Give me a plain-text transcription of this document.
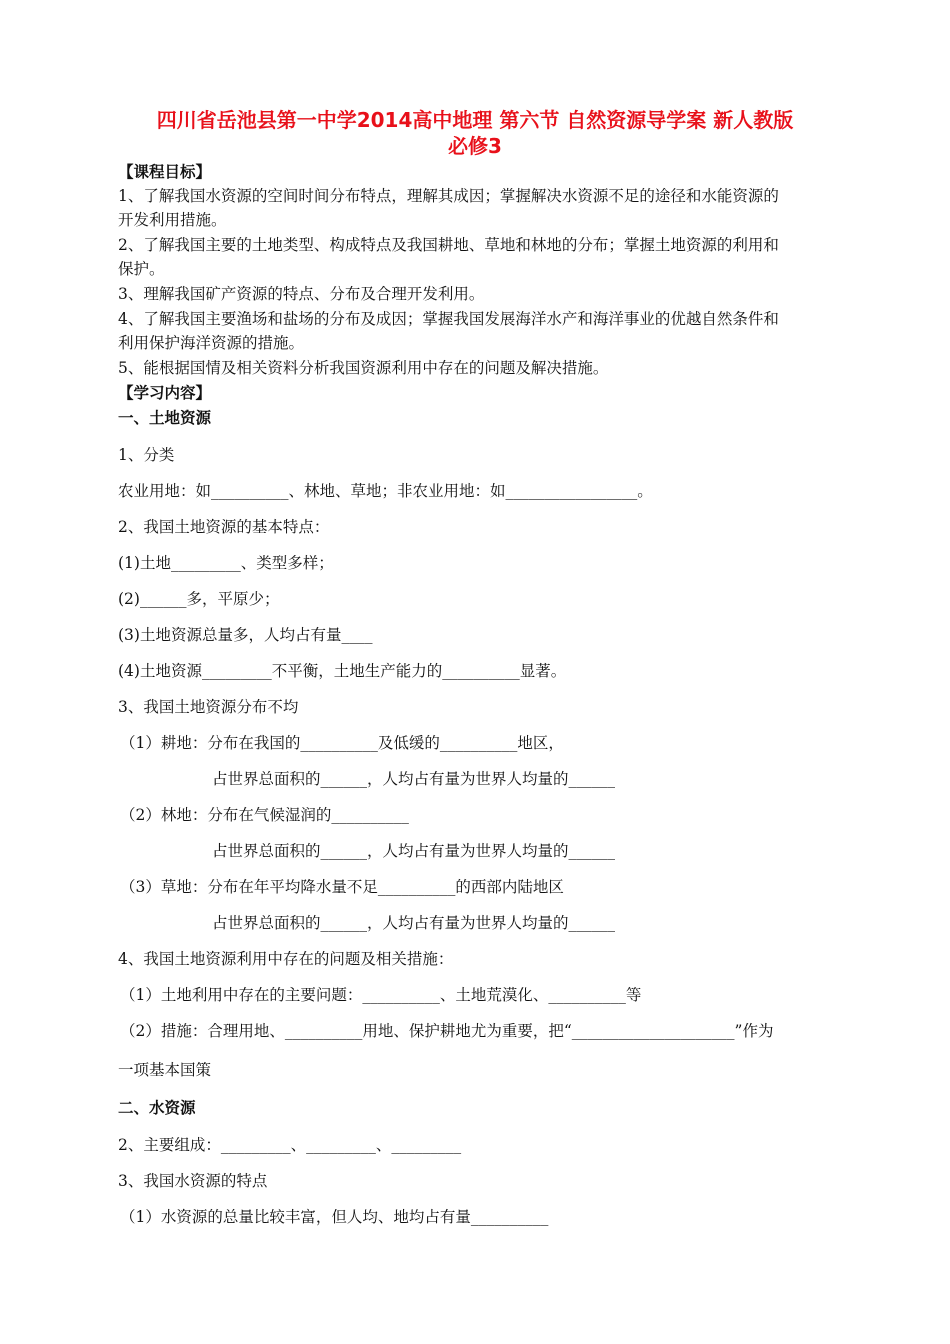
四川省岳池县第一中学2014高中地理 第六节 自然资源导学案 新人教版
必修3
【课程目标】
1、了解我国水资源的空间时间分布特点，理解其成因；掌握解决水资源不足的途径和水能资源的
开发利用措施。
2、了解我国主要的土地类型、构成特点及我国耕地、草地和林地的分布；掌握土地资源的利用和
保护。
3、理解我国矿产资源的特点、分布及合理开发利用。
4、了解我国主要渔场和盐场的分布及成因；掌握我国发展海洋水产和海洋事业的优越自然条件和
利用保护海洋资源的措施。
5、能根据国情及相关资料分析我国资源利用中存在的问题及解决措施。
【学习内容】
一、土地资源
1、分类
农业用地：如__________、林地、草地；非农业用地：如_________________。
2、我国土地资源的基本特点：
(1)土地_________、类型多样；
(2)______多，平原少；
(3)土地资源总量多，人均占有量____
(4)土地资源_________不平衡，土地生产能力的__________显著。
3、我国土地资源分布不均
（1）耕地：分布在我国的__________及低缓的__________地区，
占世界总面积的______，人均占有量为世界人均量的______
（2）林地：分布在气候湿润的__________
占世界总面积的______，人均占有量为世界人均量的______
（3）草地：分布在年平均降水量不足__________的西部内陆地区
占世界总面积的______，人均占有量为世界人均量的______
4、我国土地资源利用中存在的问题及相关措施：
（1）土地利用中存在的主要问题：__________、土地荒漠化、__________等
（2）措施：合理用地、__________用地、保护耕地尤为重要，把“_____________________”作为
一项基本国策
二、水资源
2、主要组成：_________、_________、_________
3、我国水资源的特点
（1）水资源的总量比较丰富，但人均、地均占有量__________
